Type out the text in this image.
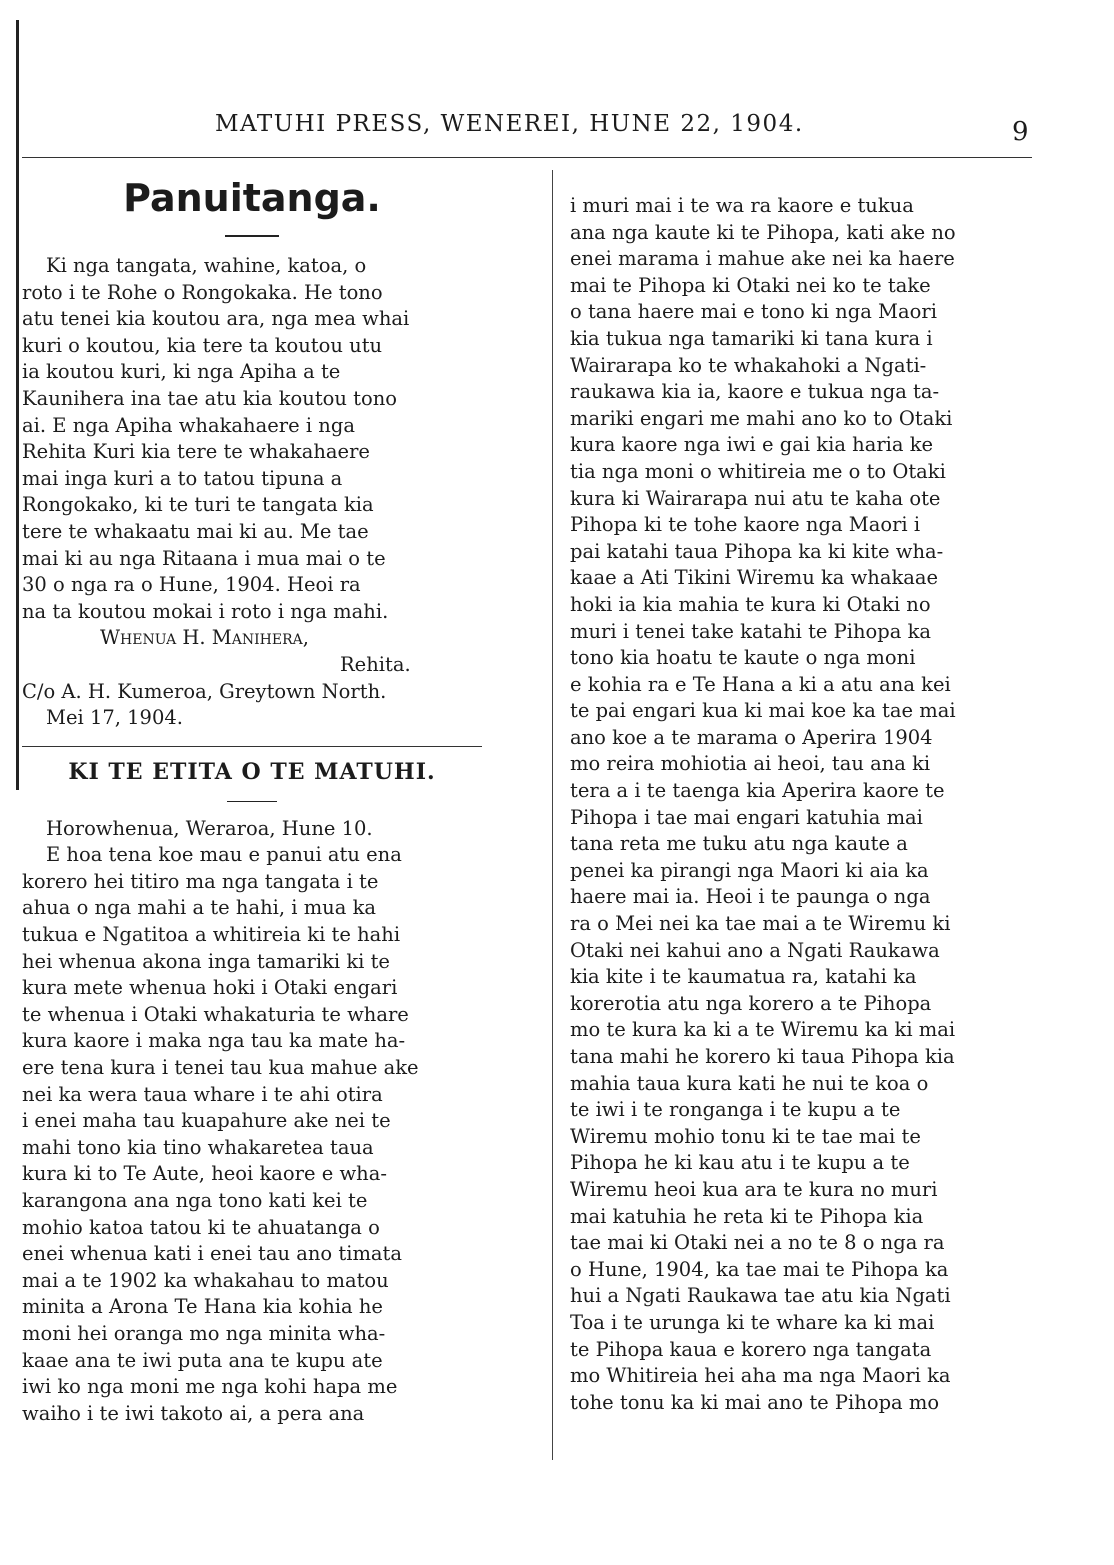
MATUHI PRESS, WENEREI, HUNE 22, 1904.	9
Panuitanga.

Ki nga tangata, wahine, katoa, o
roto i te Rohe o Rongokaka. He tono
atu tenei kia koutou ara, nga mea whai
kuri o koutou, kia tere ta koutou utu
ia koutou kuri, ki nga Apiha a te
Kaunihera ina tae atu kia koutou tono
ai. E nga Apiha whakahaere i nga
Rehita Kuri kia tere te whakahaere
mai inga kuri a to tatou tipuna a
Rongokako, ki te turi te tangata kia
tere te whakaatu mai ki au. Me tae
mai ki au nga Ritaana i mua mai o te
30 o nga ra o Hune, 1904. Heoi ra
na ta koutou mokai i roto i nga mahi.

Whenua H. Manihera,

Rehita.

C/o A. H. Kumeroa, Greytown North.

Mei 17, 1904.

KI TE ETITA O TE MATUHI.

Horowhenua, Weraroa, Hune 10.

E hoa tena koe mau e panui atu ena
korero hei titiro ma nga tangata i te
ahua o nga mahi a te hahi, i mua ka
tukua e Ngatitoa a whitireia ki te hahi
hei whenua akona inga tamariki ki te
kura mete whenua hoki i Otaki engari
te whenua i Otaki whakaturia te whare
kura kaore i maka nga tau ka mate ha-
ere tena kura i tenei tau kua mahue ake
nei ka wera taua whare i te ahi otira
i enei maha tau kuapahure ake nei te
mahi tono kia tino whakaretea taua
kura ki to Te Aute, heoi kaore e wha-
karangona ana nga tono kati kei te
mohio katoa tatou ki te ahuatanga o
enei whenua kati i enei tau ano timata
mai a te 1902 ka whakahau to matou
minita a Arona Te Hana kia kohia he
moni hei oranga mo nga minita wha-
kaae ana te iwi puta ana te kupu ate
iwi ko nga moni me nga kohi hapa me
waiho i te iwi takoto ai, a pera ana

i muri mai i te wa ra kaore e tukua
ana nga kaute ki te Pihopa, kati ake no
enei marama i mahue ake nei ka haere
mai te Pihopa ki Otaki nei ko te take
o tana haere mai e tono ki nga Maori
kia tukua nga tamariki ki tana kura i
Wairarapa ko te whakahoki a Ngati-
raukawa kia ia, kaore e tukua nga ta-
mariki engari me mahi ano ko to Otaki
kura kaore nga iwi e gai kia haria ke
tia nga moni o whitireia me o to Otaki
kura ki Wairarapa nui atu te kaha ote
Pihopa ki te tohe kaore nga Maori i
pai katahi taua Pihopa ka ki kite wha-
kaae a Ati Tikini Wiremu ka whakaae
hoki ia kia mahia te kura ki Otaki no
muri i tenei take katahi te Pihopa ka
tono kia hoatu te kaute o nga moni
e kohia ra e Te Hana a ki a atu ana kei
te pai engari kua ki mai koe ka tae mai
ano koe a te marama o Aperira 1904
mo reira mohiotia ai heoi, tau ana ki
tera a i te taenga kia Aperira kaore te
Pihopa i tae mai engari katuhia mai
tana reta me tuku atu nga kaute a
penei ka pirangi nga Maori ki aia ka
haere mai ia. Heoi i te paunga o nga
ra o Mei nei ka tae mai a te Wiremu ki
Otaki nei kahui ano a Ngati Raukawa
kia kite i te kaumatua ra, katahi ka
korerotia atu nga korero a te Pihopa
mo te kura ka ki a te Wiremu ka ki mai
tana mahi he korero ki taua Pihopa kia
mahia taua kura kati he nui te koa o
te iwi i te ronganga i te kupu a te
Wiremu mohio tonu ki te tae mai te
Pihopa he ki kau atu i te kupu a te
Wiremu heoi kua ara te kura no muri
mai katuhia he reta ki te Pihopa kia
tae mai ki Otaki nei a no te 8 o nga ra
o Hune, 1904, ka tae mai te Pihopa ka
hui a Ngati Raukawa tae atu kia Ngati
Toa i te urunga ki te whare ka ki mai
te Pihopa kaua e korero nga tangata
mo Whitireia hei aha ma nga Maori ka
tohe tonu ka ki mai ano te Pihopa mo
